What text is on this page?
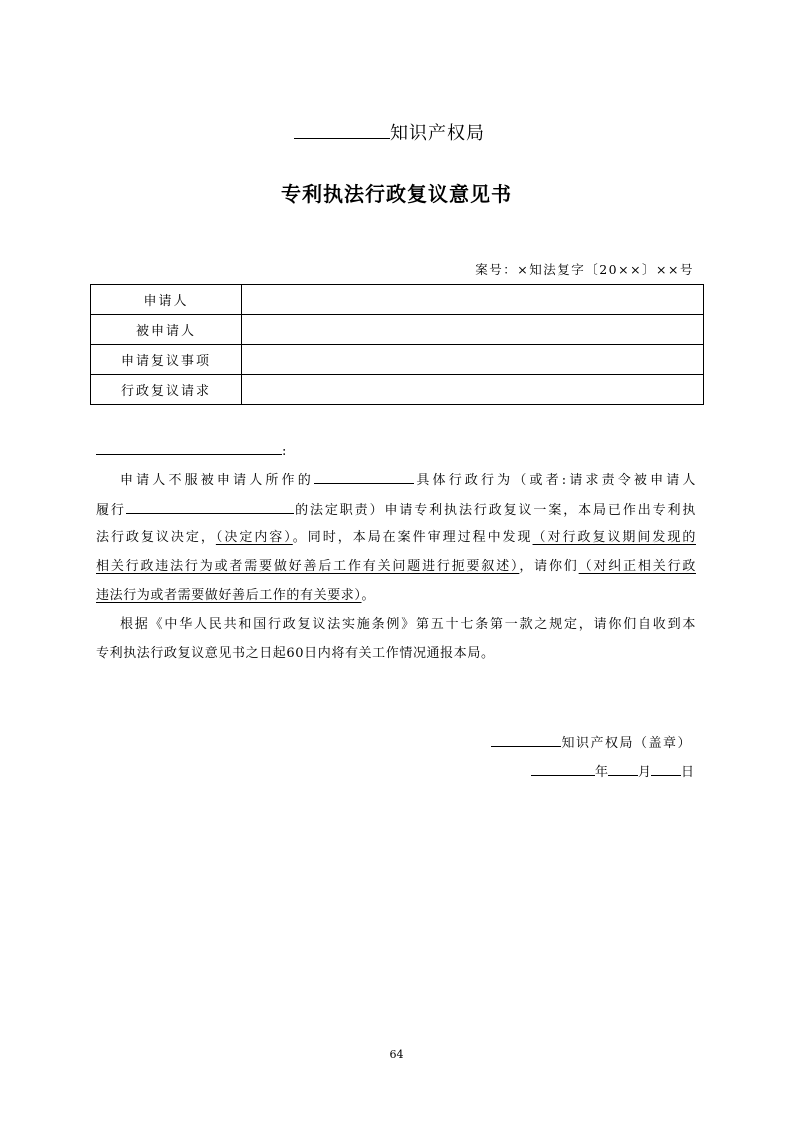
知识产权局
专利执法行政复议意见书
案号：×知法复字〔20××〕××号
申请人	
被申请人	
申请复议事项	
行政复议请求	
:
申请人不服被申请人所作的	具体行政行为（或者:请求责令被申请人
履行	的法定职责）申请专利执法行政复议一案，本局已作出专利执
法行政复议决定，（决定内容）。同时，本局在案件审理过程中发现（对行政复议期间发现的
相关行政违法行为或者需要做好善后工作有关问题进行扼要叙述），请你们（对纠正相关行政
违法行为或者需要做好善后工作的有关要求）。
根据《中华人民共和国行政复议法实施条例》第五十七条第一款之规定，请你们自收到本
专利执法行政复议意见书之日起60日内将有关工作情况通报本局。
知识产权局（盖章）
年 月 日
64
